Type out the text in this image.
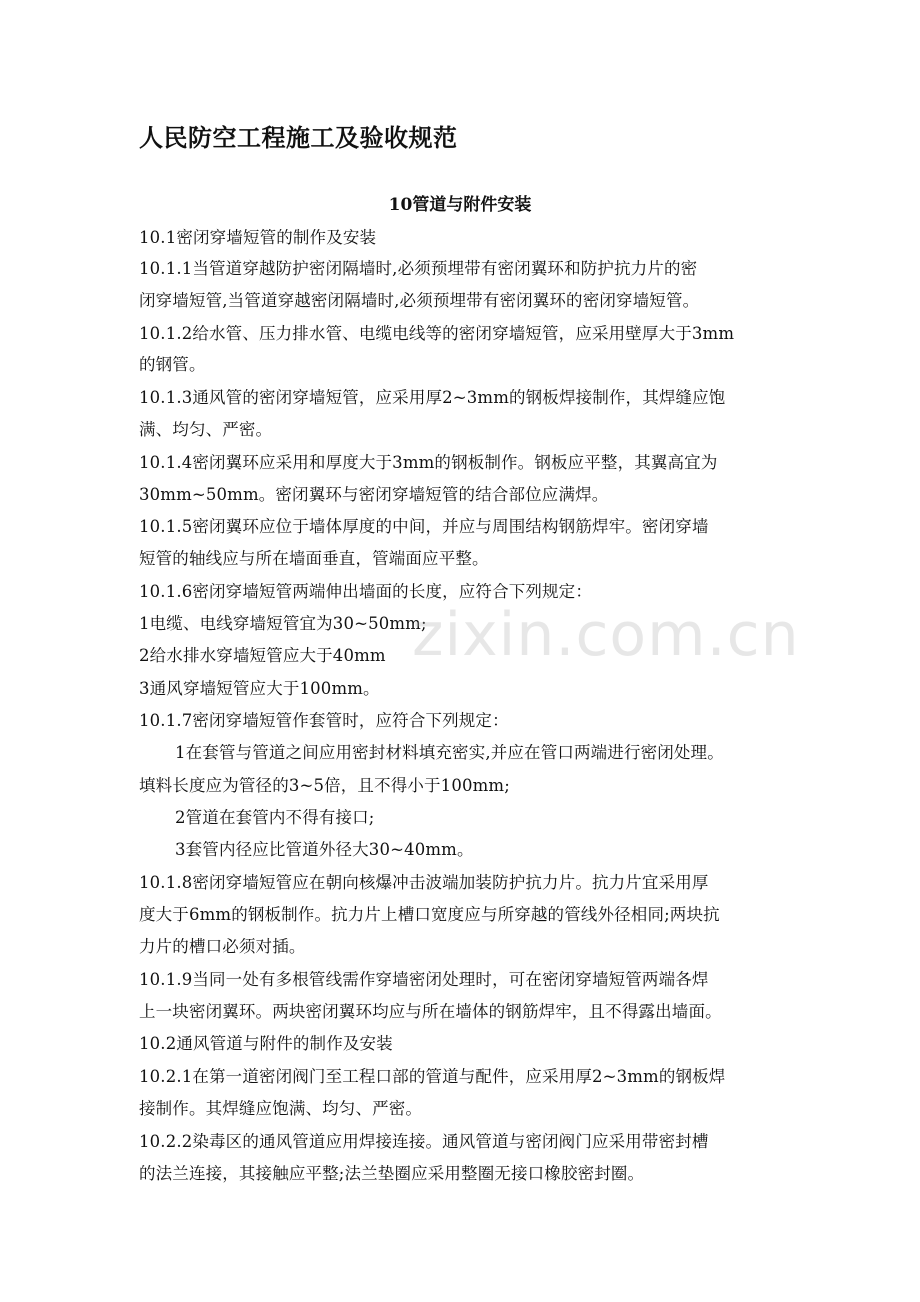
人民防空工程施工及验收规范
10管道与附件安装
10.1密闭穿墙短管的制作及安装
10.1.1当管道穿越防护密闭隔墙时,必须预埋带有密闭翼环和防护抗力片的密
闭穿墙短管,当管道穿越密闭隔墙时,必须预埋带有密闭翼环的密闭穿墙短管。
10.1.2给水管、压力排水管、电缆电线等的密闭穿墙短管，应采用壁厚大于3mm
的钢管。
10.1.3通风管的密闭穿墙短管，应采用厚2~3mm的钢板焊接制作，其焊缝应饱
满、均匀、严密。
10.1.4密闭翼环应采用和厚度大于3mm的钢板制作。钢板应平整，其翼高宜为
30mm~50mm。密闭翼环与密闭穿墙短管的结合部位应满焊。
10.1.5密闭翼环应位于墙体厚度的中间，并应与周围结构钢筋焊牢。密闭穿墙
短管的轴线应与所在墙面垂直，管端面应平整。
10.1.6密闭穿墙短管两端伸出墙面的长度，应符合下列规定：
1电缆、电线穿墙短管宜为30~50mm;
2给水排水穿墙短管应大于40mm
3通风穿墙短管应大于100mm。
10.1.7密闭穿墙短管作套管时，应符合下列规定：
1在套管与管道之间应用密封材料填充密实,并应在管口两端进行密闭处理。
填料长度应为管径的3~5倍，且不得小于100mm;
2管道在套管内不得有接口;
3套管内径应比管道外径大30~40mm。
10.1.8密闭穿墙短管应在朝向核爆冲击波端加装防护抗力片。抗力片宜采用厚
度大于6mm的钢板制作。抗力片上槽口宽度应与所穿越的管线外径相同;两块抗
力片的槽口必须对插。
10.1.9当同一处有多根管线需作穿墙密闭处理时，可在密闭穿墙短管两端各焊
上一块密闭翼环。两块密闭翼环均应与所在墙体的钢筋焊牢，且不得露出墙面。
10.2通风管道与附件的制作及安装
10.2.1在第一道密闭阀门至工程口部的管道与配件，应采用厚2~3mm的钢板焊
接制作。其焊缝应饱满、均匀、严密。
10.2.2染毒区的通风管道应用焊接连接。通风管道与密闭阀门应采用带密封槽
的法兰连接，其接触应平整;法兰垫圈应采用整圈无接口橡胶密封圈。
zixin.com.cn
